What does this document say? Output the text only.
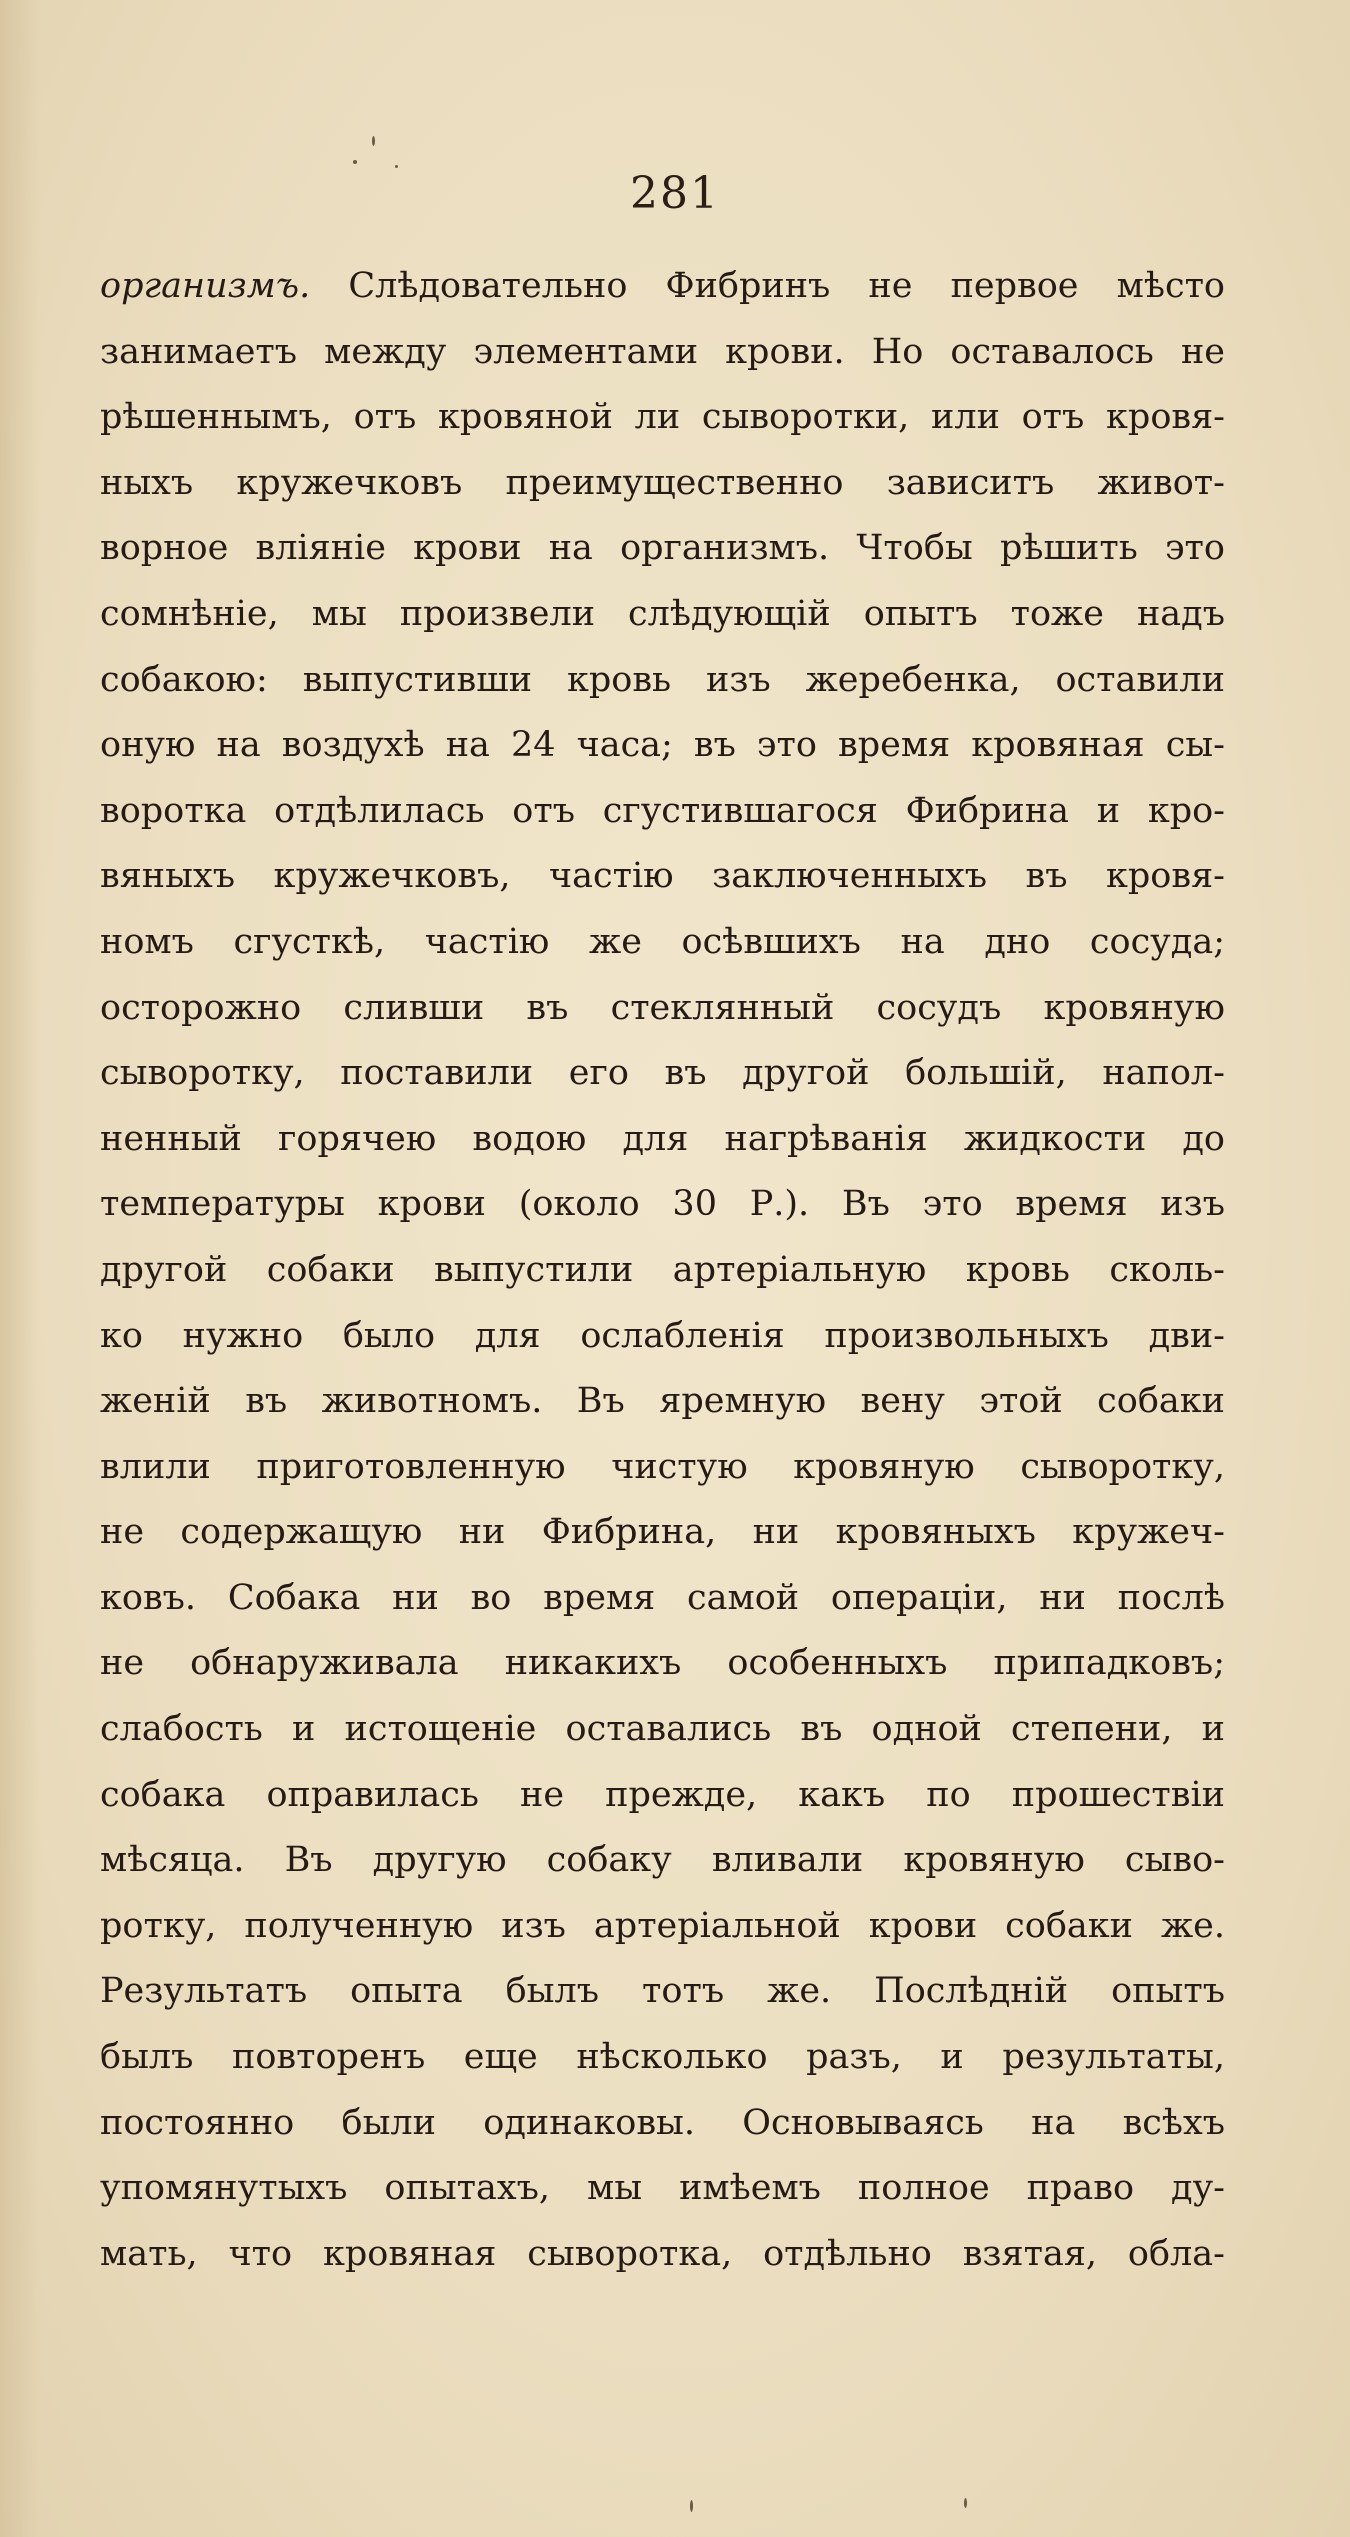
281
организмъ. Слѣдовательно Фибринъ не первое мѣсто
занимаетъ между элементами крови. Но оставалось не
рѣшеннымъ, отъ кровяной ли сыворотки, или отъ кровя-
ныхъ кружечковъ преимущественно зависитъ живот-
ворное вліяніе крови на организмъ. Чтобы рѣшить это
сомнѣніе, мы произвели слѣдующій опытъ тоже надъ
собакою: выпустивши кровь изъ жеребенка, оставили
оную на воздухѣ на 24 часа; въ это время кровяная сы-
воротка отдѣлилась отъ сгустившагося Фибрина и кро-
вяныхъ кружечковъ, частію заключенныхъ въ кровя-
номъ сгусткѣ, частію же осѣвшихъ на дно сосуда;
осторожно сливши въ стеклянный сосудъ кровяную
сыворотку, поставили его въ другой большій, напол-
ненный горячею водою для нагрѣванія жидкости до
температуры крови (около 30 Р.). Въ это время изъ
другой собаки выпустили артеріальную кровь сколь-
ко нужно было для ослабленія произвольныхъ дви-
женій въ животномъ. Въ яремную вену этой собаки
влили приготовленную чистую кровяную сыворотку,
не содержащую ни Фибрина, ни кровяныхъ кружеч-
ковъ. Собака ни во время самой операціи, ни послѣ
не обнаруживала никакихъ особенныхъ припадковъ;
слабость и истощеніе оставались въ одной степени, и
собака оправилась не прежде, какъ по прошествіи
мѣсяца. Въ другую собаку вливали кровяную сыво-
ротку, полученную изъ артеріальной крови собаки же.
Результатъ опыта былъ тотъ же. Послѣдній опытъ
былъ повторенъ еще нѣсколько разъ, и результаты,
постоянно были одинаковы. Основываясь на всѣхъ
упомянутыхъ опытахъ, мы имѣемъ полное право ду-
мать, что кровяная сыворотка, отдѣльно взятая, обла-
